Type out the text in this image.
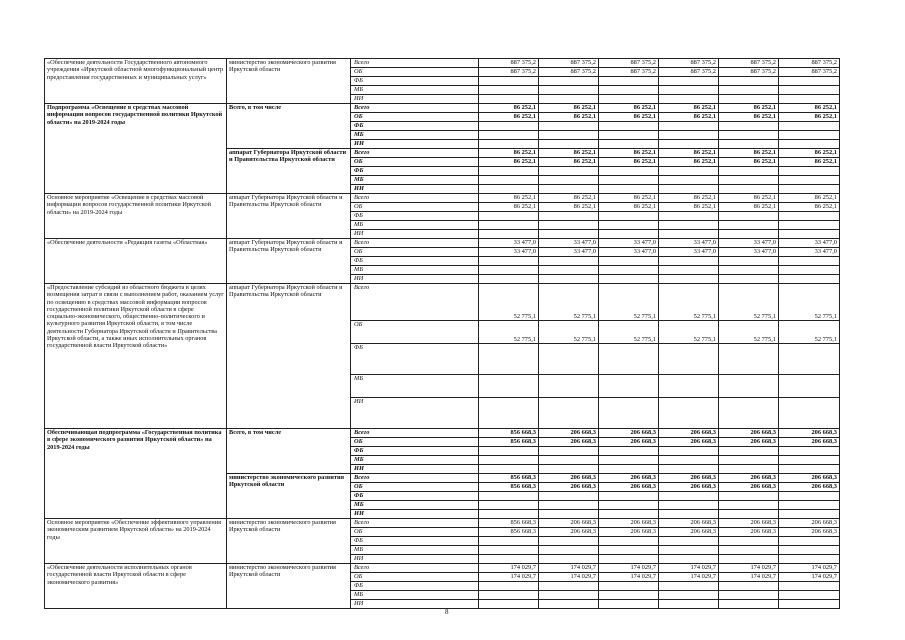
«Обеспечение деятельности Государственного автономного учреждения «Иркутской областной многофункциональный центр предоставления государственных и муниципальных услуг»	министерство экономического развития Иркутской области	Всего	887 375,2	887 375,2	887 375,2	887 375,2	887 375,2	887 375,2
		ОБ	887 375,2	887 375,2	887 375,2	887 375,2	887 375,2	887 375,2
		ФБ						
		МБ						
		ИИ						
Подпрограмма «Освещение в средствах массовой информации вопросов государственной политики Иркутской области» на 2019-2024 годы	Всего, в том числе	Всего	86 252,1	86 252,1	86 252,1	86 252,1	86 252,1	86 252,1
		ОБ	86 252,1	86 252,1	86 252,1	86 252,1	86 252,1	86 252,1
		ФБ						
		МБ						
		ИИ						
	аппарат Губернатора Иркутской области и Правительства Иркутской области	Всего	86 252,1	86 252,1	86 252,1	86 252,1	86 252,1	86 252,1
		ОБ	86 252,1	86 252,1	86 252,1	86 252,1	86 252,1	86 252,1
		ФБ						
		МБ						
		ИИ						
Основное мероприятие «Освещение в средствах массовой информации вопросов государственной политики Иркутской области» на 2019-2024 годы	аппарат Губернатора Иркутской области и Правительства Иркутской области	Всего	86 252,1	86 252,1	86 252,1	86 252,1	86 252,1	86 252,1
		ОБ	86 252,1	86 252,1	86 252,1	86 252,1	86 252,1	86 252,1
		ФБ						
		МБ						
		ИИ						
«Обеспечение деятельности «Редакция газеты «Областная»	аппарат Губернатора Иркутской области и Правительства Иркутской области	Всего	33 477,0	33 477,0	33 477,0	33 477,0	33 477,0	33 477,0
		ОБ	33 477,0	33 477,0	33 477,0	33 477,0	33 477,0	33 477,0
		ФБ						
		МБ						
		ИИ						
«Предоставление субсидий из областного бюджета в целях возмещения затрат в связи с выполнением работ, оказанием услуг по освещению в средствах массовой информации вопросов государственной политики Иркутской области в сфере социально-экономического, общественно-политического и культурного развития Иркутской области, в том числе деятельности Губернатора Иркутской области и Правительства Иркутской области, а также иных исполнительных органов государственной власти Иркутской области»	аппарат Губернатора Иркутской области и Правительства Иркутской области	Всего	52 775,1	52 775,1	52 775,1	52 775,1	52 775,1	52 775,1
		ОБ	52 775,1	52 775,1	52 775,1	52 775,1	52 775,1	52 775,1
		ФБ						
		МБ						
		ИИ						
Обеспечивающая подпрограмма «Государственная политика в сфере экономического развития Иркутской области» на 2019-2024 годы	Всего, в том числе	Всего	856 668,3	206 668,3	206 668,3	206 668,3	206 668,3	206 668,3
		ОБ	856 668,3	206 668,3	206 668,3	206 668,3	206 668,3	206 668,3
		ФБ						
		МБ						
		ИИ						
	министерство экономического развития Иркутской области	Всего	856 668,3	206 668,3	206 668,3	206 668,3	206 668,3	206 668,3
		ОБ	856 668,3	206 668,3	206 668,3	206 668,3	206 668,3	206 668,3
		ФБ						
		МБ						
		ИИ						
Основное мероприятие «Обеспечение эффективного управления экономическим развитием Иркутской области» на 2019-2024 годы	министерство экономического развития Иркутской области	Всего	856 668,3	206 668,3	206 668,3	206 668,3	206 668,3	206 668,3
		ОБ	856 668,3	206 668,3	206 668,3	206 668,3	206 668,3	206 668,3
		ФБ						
		МБ						
		ИИ						
«Обеспечение деятельности исполнительных органов государственной власти Иркутской области в сфере экономического развития»	министерство экономического развития Иркутской области	Всего	174 029,7	174 029,7	174 029,7	174 029,7	174 029,7	174 029,7
		ОБ	174 029,7	174 029,7	174 029,7	174 029,7	174 029,7	174 029,7
		ФБ						
		МБ						
		ИИ						
8
